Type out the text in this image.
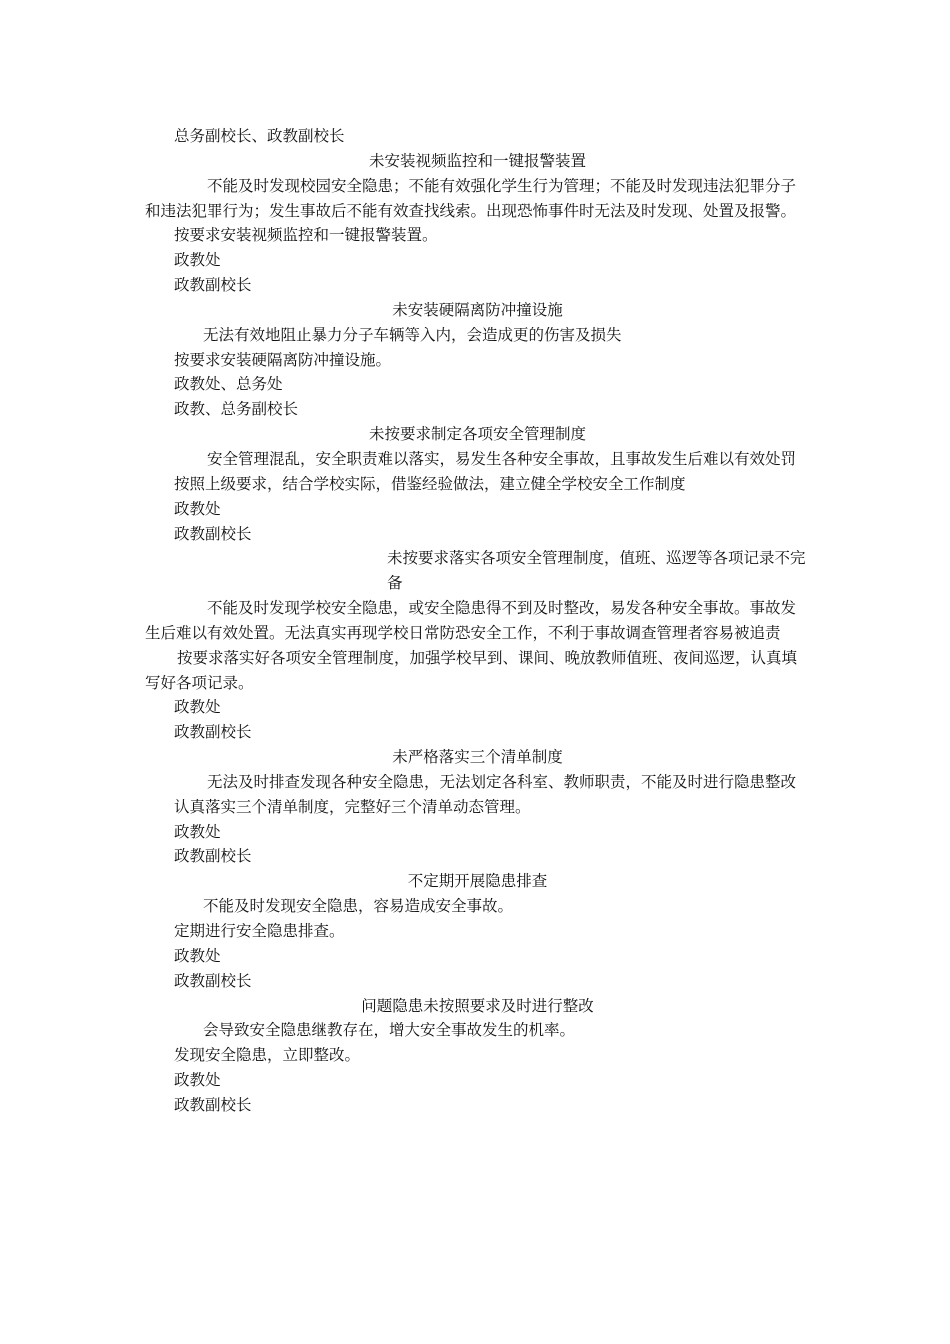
总务副校长、政教副校长

未安装视频监控和一键报警装置

不能及时发现校园安全隐患；不能有效强化学生行为管理；不能及时发现违法犯罪分子和违法犯罪行为；发生事故后不能有效查找线索。出现恐怖事件时无法及时发现、处置及报警。

按要求安装视频监控和一键报警装置。

政教处

政教副校长

未安装硬隔离防冲撞设施

无法有效地阻止暴力分子车辆等入内，会造成更的伤害及损失

按要求安装硬隔离防冲撞设施。

政教处、总务处

政教、总务副校长

未按要求制定各项安全管理制度

安全管理混乱，安全职责难以落实，易发生各种安全事故，且事故发生后难以有效处罚

按照上级要求，结合学校实际，借鉴经验做法，建立健全学校安全工作制度

政教处

政教副校长

未按要求落实各项安全管理制度，值班、巡逻等各项记录不完备

不能及时发现学校安全隐患，或安全隐患得不到及时整改，易发各种安全事故。事故发生后难以有效处置。无法真实再现学校日常防恐安全工作，不利于事故调查管理者容易被追责

按要求落实好各项安全管理制度，加强学校早到、课间、晚放教师值班、夜间巡逻，认真填写好各项记录。

政教处

政教副校长

未严格落实三个清单制度

无法及时排查发现各种安全隐患，无法划定各科室、教师职责，不能及时进行隐患整改

认真落实三个清单制度，完整好三个清单动态管理。

政教处

政教副校长

不定期开展隐患排查

不能及时发现安全隐患，容易造成安全事故。

定期进行安全隐患排查。

政教处

政教副校长

问题隐患未按照要求及时进行整改

会导致安全隐患继教存在，增大安全事故发生的机率。

发现安全隐患，立即整改。

政教处

政教副校长
